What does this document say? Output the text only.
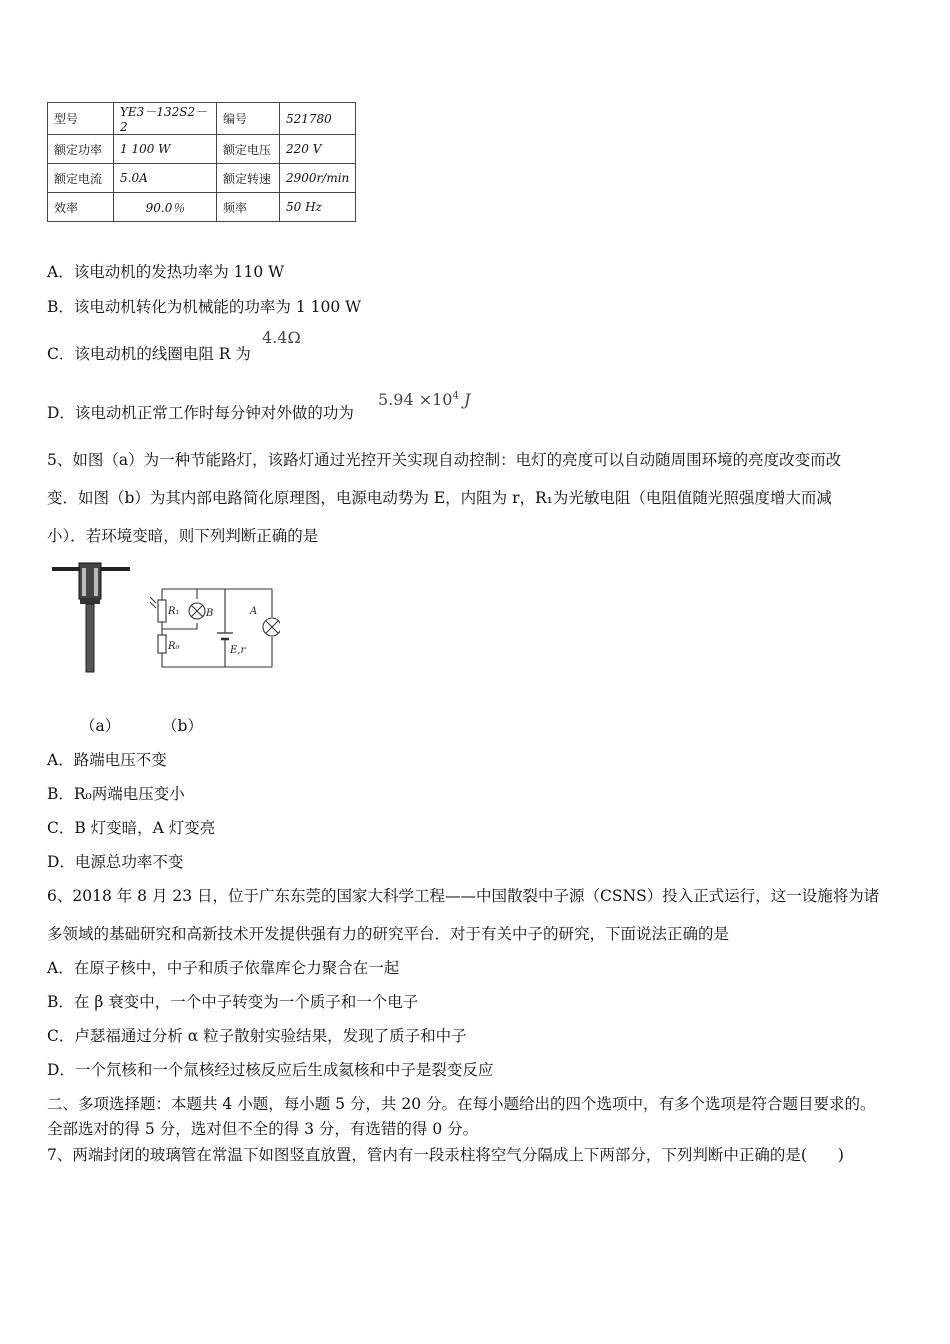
型号	YE3－132S2－2	编号	521780
额定功率	1 100 W	额定电压	220 V
额定电流	5.0A	额定转速	2900r/min
效率	90.0％	频率	50 Hz
A．该电动机的发热功率为 110 W
B．该电动机转化为机械能的功率为 1 100 W
C．该电动机的线圈电阻 R 为
4.4Ω
D．该电动机正常工作时每分钟对外做的功为
$5.94 \times 10^4$ J
5、如图（a）为一种节能路灯，该路灯通过光控开关实现自动控制：电灯的亮度可以自动随周围环境的亮度改变而改
变．如图（b）为其内部电路简化原理图，电源电动势为 E，内阻为 r，R₁为光敏电阻（电阻值随光照强度增大而减
小）．若环境变暗，则下列判断正确的是
R₁
R₀
B	A
E,r
（a）	（b）
A．路端电压不变
B．R₀两端电压变小
C．B 灯变暗，A 灯变亮
D．电源总功率不变
6、2018 年 8 月 23 日，位于广东东莞的国家大科学工程——中国散裂中子源（CSNS）投入正式运行，这一设施将为诸
多领域的基础研究和高新技术开发提供强有力的研究平台．对于有关中子的研究，下面说法正确的是
A．在原子核中，中子和质子依靠库仑力聚合在一起
B．在 β 衰变中，一个中子转变为一个质子和一个电子
C．卢瑟福通过分析 α 粒子散射实验结果，发现了质子和中子
D．一个氘核和一个氚核经过核反应后生成氦核和中子是裂变反应
二、多项选择题：本题共 4 小题，每小题 5 分，共 20 分。在每小题给出的四个选项中，有多个选项是符合题目要求的。
全部选对的得 5 分，选对但不全的得 3 分，有选错的得 0 分。
7、两端封闭的玻璃管在常温下如图竖直放置，管内有一段汞柱将空气分隔成上下两部分，下列判断中正确的是(　　)
